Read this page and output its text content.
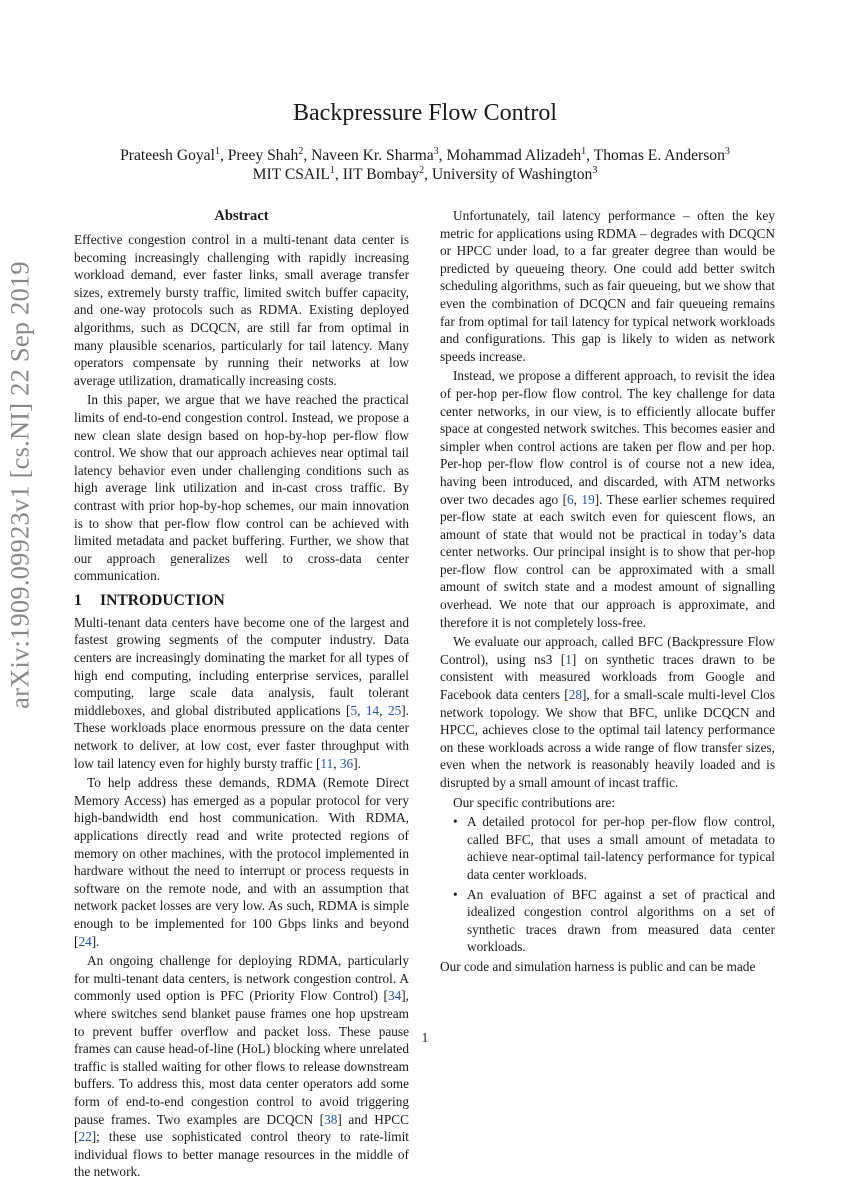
arXiv:1909.09923v1 [cs.NI] 22 Sep 2019
Backpressure Flow Control
Prateesh Goyal$^1$, Preey Shah$^2$, Naveen Kr. Sharma$^3$, Mohammad Alizadeh$^1$, Thomas E. Anderson$^3$
MIT CSAIL$^1$, IIT Bombay$^2$, University of Washington$^3$
Abstract

Effective congestion control in a multi-tenant data center is becoming increasingly challenging with rapidly increasing workload demand, ever faster links, small average transfer sizes, extremely bursty traffic, limited switch buffer capacity, and one-way protocols such as RDMA. Existing deployed algorithms, such as DCQCN, are still far from optimal in many plausible scenarios, particularly for tail latency. Many operators compensate by running their networks at low average utilization, dramatically increasing costs.

In this paper, we argue that we have reached the practical limits of end-to-end congestion control. Instead, we propose a new clean slate design based on hop-by-hop per-flow flow control. We show that our approach achieves near optimal tail latency behavior even under challenging conditions such as high average link utilization and in-cast cross traffic. By contrast with prior hop-by-hop schemes, our main innovation is to show that per-flow flow control can be achieved with limited metadata and packet buffering. Further, we show that our approach generalizes well to cross-data center communication.

1 INTRODUCTION

Multi-tenant data centers have become one of the largest and fastest growing segments of the computer industry. Data centers are increasingly dominating the market for all types of high end computing, including enterprise services, parallel computing, large scale data analysis, fault tolerant middleboxes, and global distributed applications [5, 14, 25]. These workloads place enormous pressure on the data center network to deliver, at low cost, ever faster throughput with low tail latency even for highly bursty traffic [11, 36].

To help address these demands, RDMA (Remote Direct Memory Access) has emerged as a popular protocol for very high-bandwidth end host communication. With RDMA, applications directly read and write protected regions of memory on other machines, with the protocol implemented in hardware without the need to interrupt or process requests in software on the remote node, and with an assumption that network packet losses are very low. As such, RDMA is simple enough to be implemented for 100 Gbps links and beyond [24].

An ongoing challenge for deploying RDMA, particularly for multi-tenant data centers, is network congestion control. A commonly used option is PFC (Priority Flow Control) [34], where switches send blanket pause frames one hop upstream to prevent buffer overflow and packet loss. These pause frames can cause head-of-line (HoL) blocking where unrelated traffic is stalled waiting for other flows to release downstream buffers. To address this, most data center operators add some form of end-to-end congestion control to avoid triggering pause frames. Two examples are DCQCN [38] and HPCC [22]; these use sophisticated control theory to rate-limit individual flows to better manage resources in the middle of the network.

Unfortunately, tail latency performance – often the key metric for applications using RDMA – degrades with DCQCN or HPCC under load, to a far greater degree than would be predicted by queueing theory. One could add better switch scheduling algorithms, such as fair queueing, but we show that even the combination of DCQCN and fair queueing remains far from optimal for tail latency for typical network workloads and configurations. This gap is likely to widen as network speeds increase.

Instead, we propose a different approach, to revisit the idea of per-hop per-flow flow control. The key challenge for data center networks, in our view, is to efficiently allocate buffer space at congested network switches. This becomes easier and simpler when control actions are taken per flow and per hop. Per-hop per-flow flow control is of course not a new idea, having been introduced, and discarded, with ATM networks over two decades ago [6, 19]. These earlier schemes required per-flow state at each switch even for quiescent flows, an amount of state that would not be practical in today’s data center networks. Our principal insight is to show that per-hop per-flow flow control can be approximated with a small amount of switch state and a modest amount of signalling overhead. We note that our approach is approximate, and therefore it is not completely loss-free.

We evaluate our approach, called BFC (Backpressure Flow Control), using ns3 [1] on synthetic traces drawn to be consistent with measured workloads from Google and Facebook data centers [28], for a small-scale multi-level Clos network topology. We show that BFC, unlike DCQCN and HPCC, achieves close to the optimal tail latency performance on these workloads across a wide range of flow transfer sizes, even when the network is reasonably heavily loaded and is disrupted by a small amount of incast traffic.

Our specific contributions are:

• A detailed protocol for per-hop per-flow flow control, called BFC, that uses a small amount of metadata to achieve near-optimal tail-latency performance for typical data center workloads.
• An evaluation of BFC against a set of practical and idealized congestion control algorithms on a set of synthetic traces drawn from measured data center workloads.

Our code and simulation harness is public and can be made

1
